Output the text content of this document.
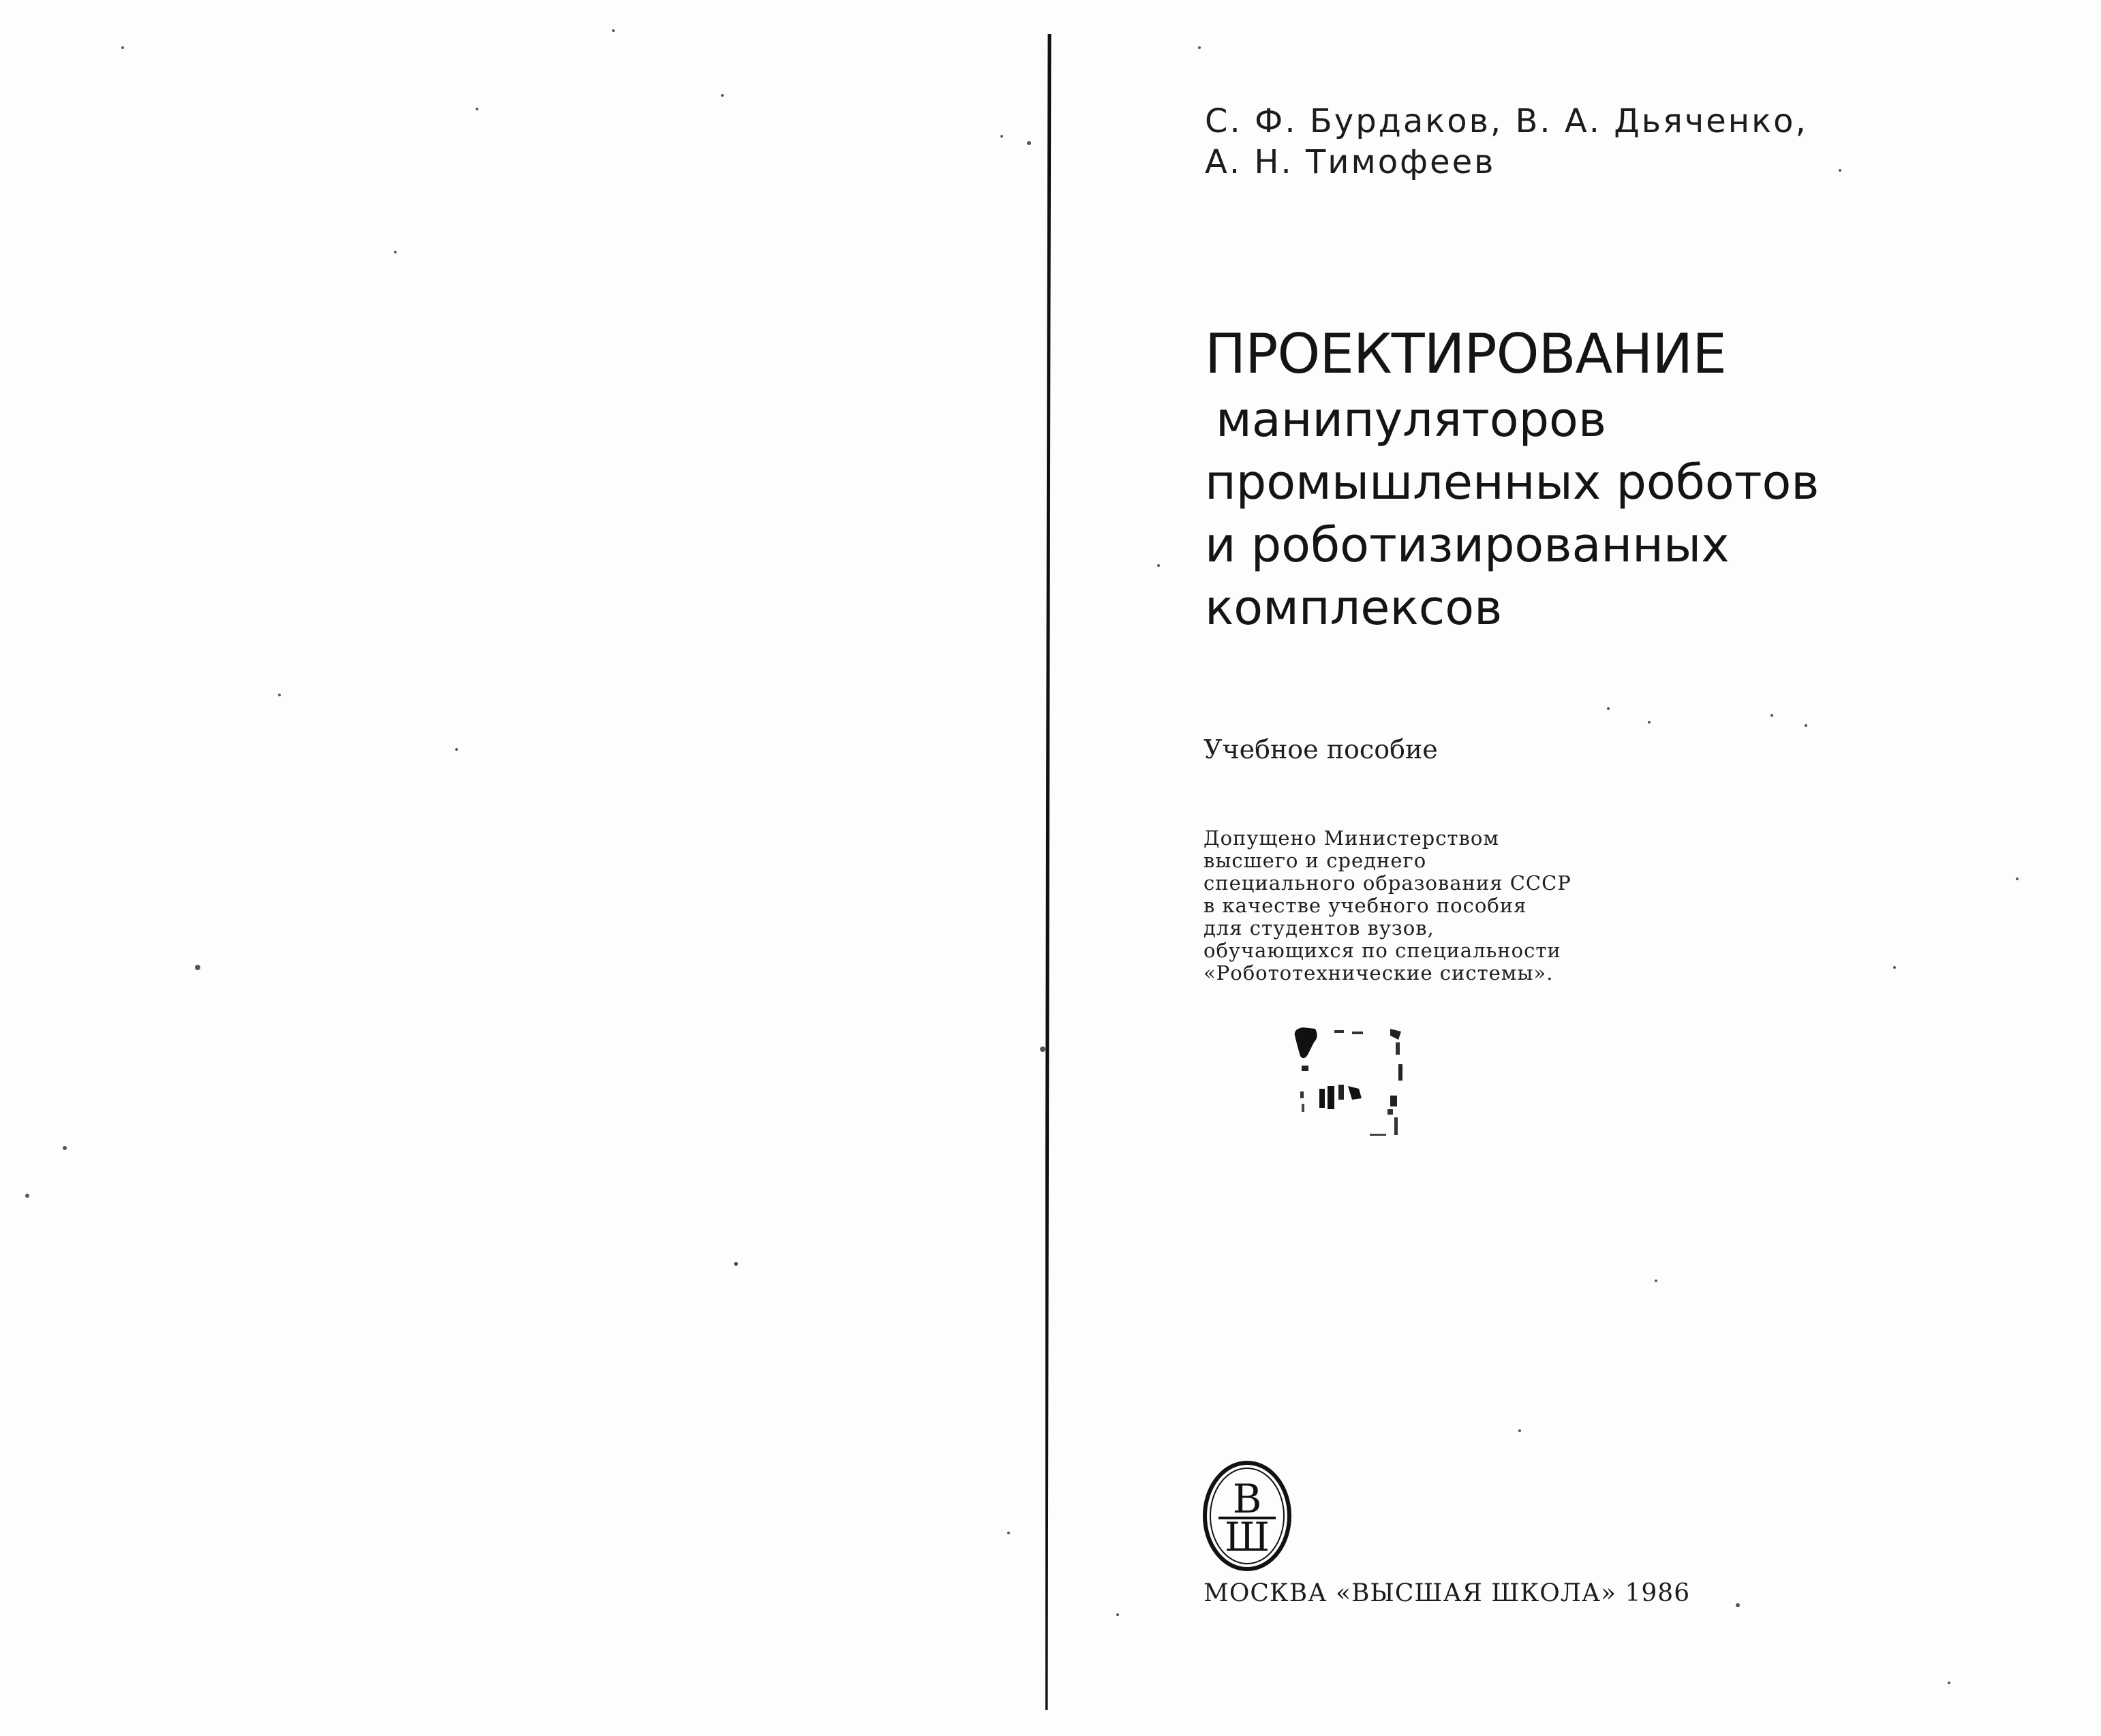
С. Ф. Бурдаков, В. А. Дьяченко,
А. Н. Тимофеев
ПРОЕКТИРОВАНИЕ
манипуляторов
промышленных роботов
и роботизированных
комплексов
Учебное пособие
Допущено Министерством
высшего и среднего
специального образования СССР
в качестве учебного пособия
для студентов вузов,
обучающихся по специальности
«Робототехнические системы».
В
Ш
МОСКВА «ВЫСШАЯ ШКОЛА» 1986
